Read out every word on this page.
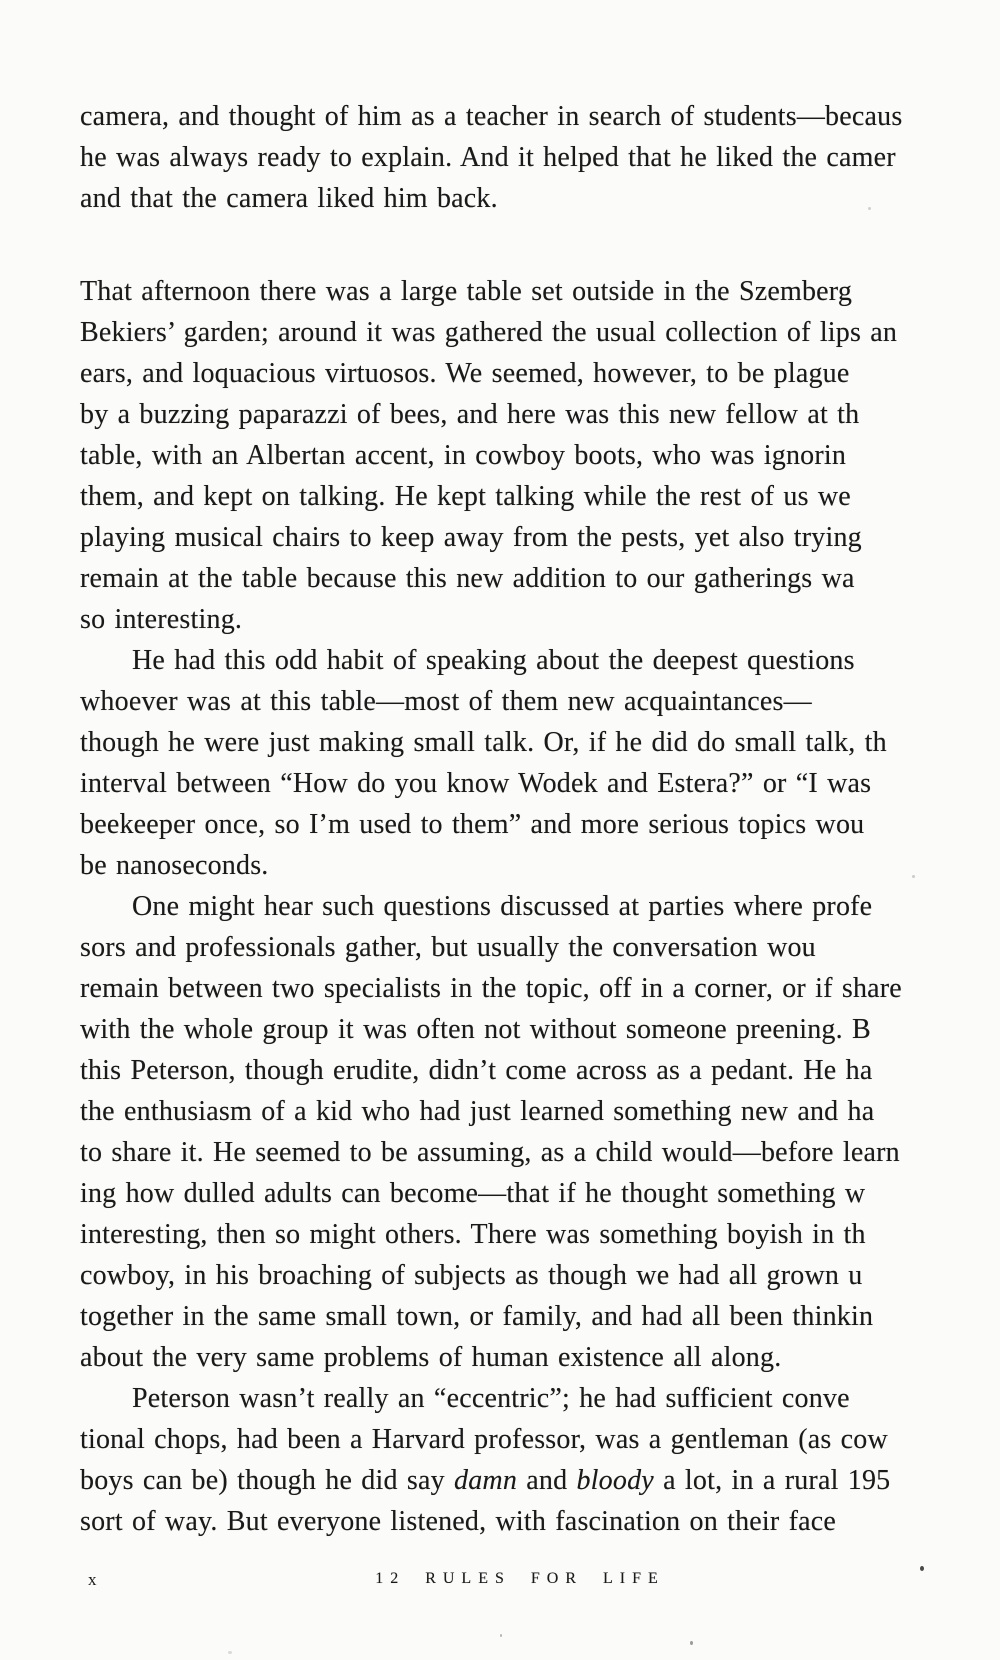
camera, and thought of him as a teacher in search of students—becaus
he was always ready to explain. And it helped that he liked the camer
and that the camera liked him back.

That afternoon there was a large table set outside in the Szemberg
Bekiers’ garden; around it was gathered the usual collection of lips an
ears, and loquacious virtuosos. We seemed, however, to be plague
by a buzzing paparazzi of bees, and here was this new fellow at th
table, with an Albertan accent, in cowboy boots, who was ignorin
them, and kept on talking. He kept talking while the rest of us we
playing musical chairs to keep away from the pests, yet also trying
remain at the table because this new addition to our gatherings wa
so interesting.

He had this odd habit of speaking about the deepest questions
whoever was at this table—most of them new acquaintances—
though he were just making small talk. Or, if he did do small talk, th
interval between “How do you know Wodek and Estera?” or “I was
beekeeper once, so I’m used to them” and more serious topics wou
be nanoseconds.

One might hear such questions discussed at parties where profe
sors and professionals gather, but usually the conversation wou
remain between two specialists in the topic, off in a corner, or if share
with the whole group it was often not without someone preening. B
this Peterson, though erudite, didn’t come across as a pedant. He ha
the enthusiasm of a kid who had just learned something new and ha
to share it. He seemed to be assuming, as a child would—before learn
ing how dulled adults can become—that if he thought something w
interesting, then so might others. There was something boyish in th
cowboy, in his broaching of subjects as though we had all grown u
together in the same small town, or family, and had all been thinkin
about the very same problems of human existence all along.

Peterson wasn’t really an “eccentric”; he had sufficient conve
tional chops, had been a Harvard professor, was a gentleman (as cow
boys can be) though he did say damn and bloody a lot, in a rural 195
sort of way. But everyone listened, with fascination on their face

x	12 RULES FOR LIFE
